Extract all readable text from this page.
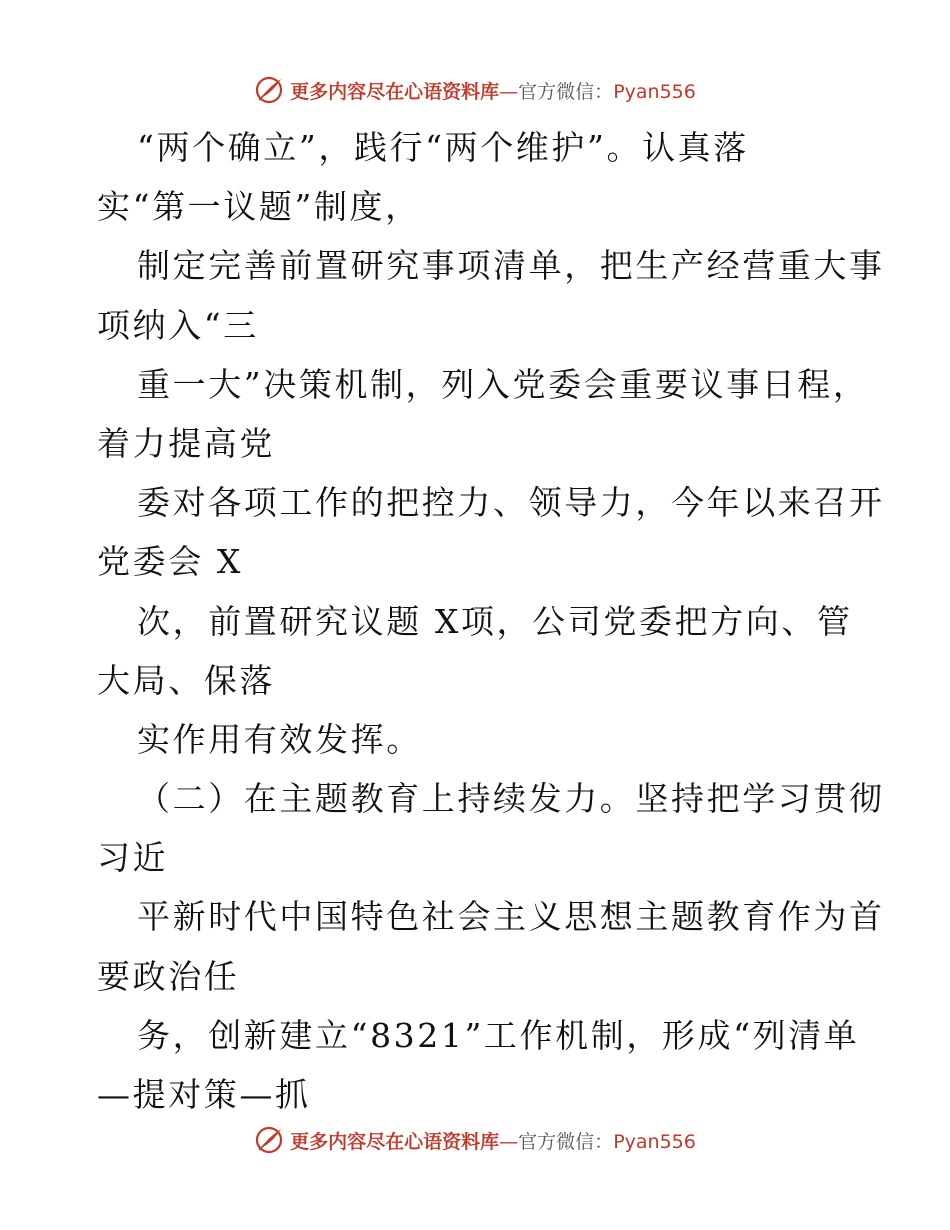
更多内容尽在心语资料库 — 官方微信： Pyan556
“两个确立”，践行“两个维护”。认真落
实“第一议题”制度，
制定完善前置研究事项清单，把生产经营重大事
项纳入“三
重一大”决策机制，列入党委会重要议事日程，
着力提高党
委对各项工作的把控力、领导力，今年以来召开
党委会 X
次，前置研究议题 X项，公司党委把方向、管
大局、保落
实作用有效发挥。
（二）在主题教育上持续发力。坚持把学习贯彻
习近
平新时代中国特色社会主义思想主题教育作为首
要政治任
务，创新建立“8321”工作机制，形成“列清单
—提对策—抓
更多内容尽在心语资料库 — 官方微信： Pyan556
